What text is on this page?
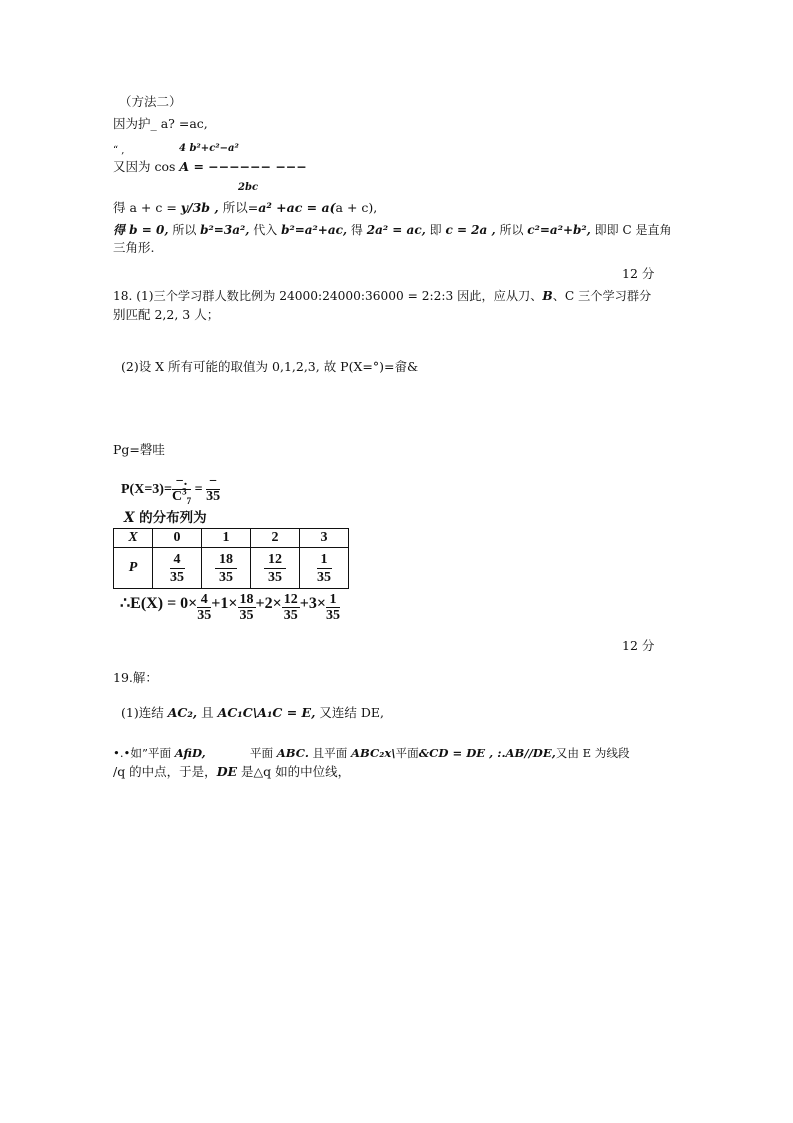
（方法二）
因为护_ a? =ac,
“ ,	4 b²+c²−a²
又因为 cos A = −−−−−− −−−
2bc
得 a + c = y/3b , 所以=a² +ac = a(a + c),
得 b = 0, 所以 b²=3a², 代入 b²=a²+ac, 得 2a² = ac, 即 c = 2a , 所以 c²=a²+b², 即即 C 是直角
三角形.
12 分
18. (1)三个学习群人数比例为 24000:24000:36000 = 2:2:3 因此，应从刀、B、C 三个学习群分
别匹配 2,2, 3 人；
(2)设 X 所有可能的取值为 0,1,2,3, 故 P(X=°)=畲&
Pg=磬哇
$P(X=3)= \frac{-.}{C^3_7} = \frac{-}{35}$
X 的分布列为
X	0	1	2	3
P	$\frac{4}{35}$	$\frac{18}{35}$	$\frac{12}{35}$	$\frac{1}{35}$
∴E(X) = $0\times \frac{4}{35} +1\times \frac{18}{35} +2\times \frac{12}{35} +3\times \frac{1}{35}$
12 分
19.解：
(1)连结 AC₂, 且 AC₁C\A₁C = E, 又连结 DE,
•.•如”平面 AfiD,            平面 ABC. 且平面 ABC₂x\平面&CD = DE , :.AB//DE,又由 E 为线段
/q 的中点，于是，DE 是△q 如的中位线，
